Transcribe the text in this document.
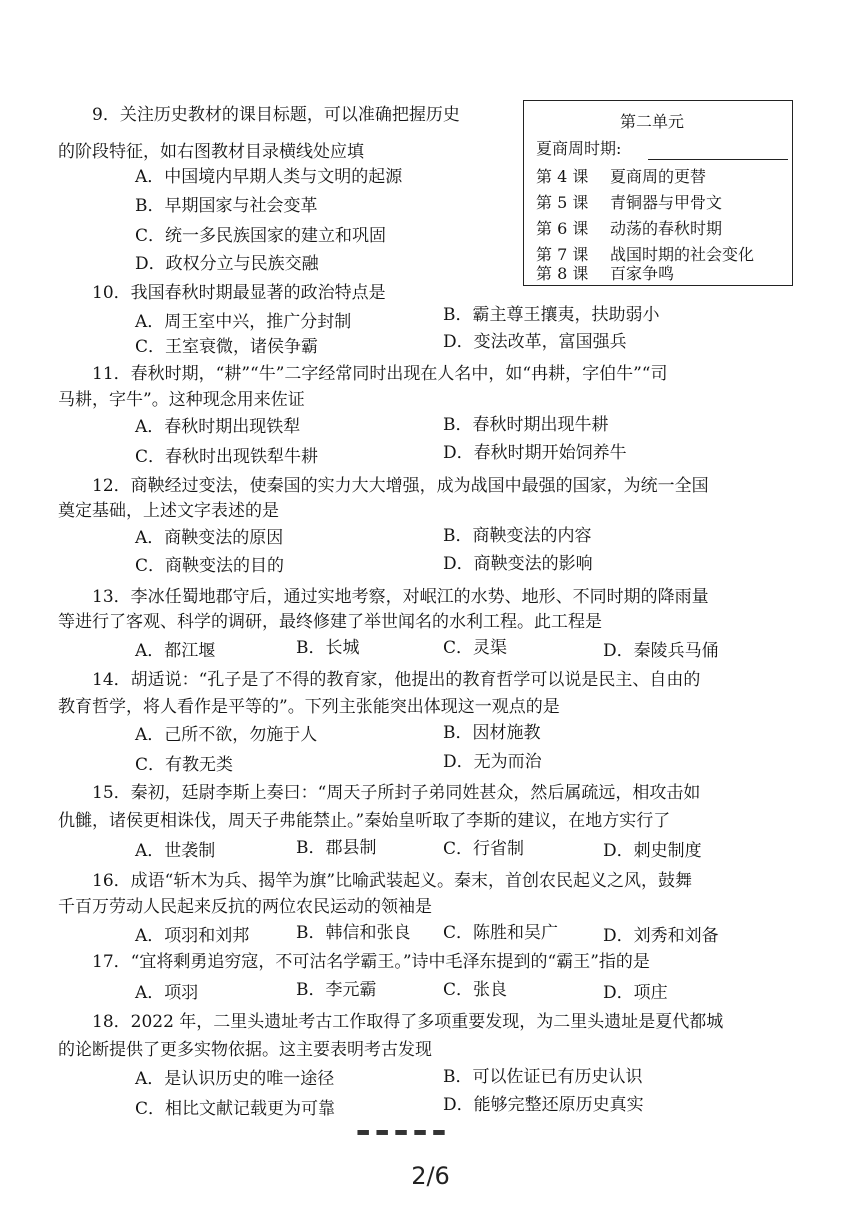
9．关注历史教材的课目标题，可以准确把握历史
的阶段特征，如右图教材目录横线处应填
A．中国境内早期人类与文明的起源
B．早期国家与社会变革
C．统一多民族国家的建立和巩固
D．政权分立与民族交融
第二单元
夏商周时期:
第 4 课 夏商周的更替
第 5 课 青铜器与甲骨文
第 6 课 动荡的春秋时期
第 7 课 战国时期的社会变化
第 8 课 百家争鸣
10．我国春秋时期最显著的政治特点是
A．周王室中兴，推广分封制	B．霸主尊王攘夷，扶助弱小
C．王室衰微，诸侯争霸	D．变法改革，富国强兵
11．春秋时期，“耕”“牛”二字经常同时出现在人名中，如“冉耕，字伯牛”“司
马耕，字牛”。这种现念用来佐证
A．春秋时期出现铁犁	B．春秋时期出现牛耕
C．春秋时出现铁犁牛耕	D．春秋时期开始饲养牛
12．商鞅经过变法，使秦国的实力大大增强，成为战国中最强的国家，为统一全国
奠定基础，上述文字表述的是
A．商鞅变法的原因	B．商鞅变法的内容
C．商鞅变法的目的	D．商鞅变法的影响
13．李冰任蜀地郡守后，通过实地考察，对岷江的水势、地形、不同时期的降雨量
等进行了客观、科学的调研，最终修建了举世闻名的水利工程。此工程是
A．都江堰	B．长城	C．灵渠	D．秦陵兵马俑
14．胡适说：“孔子是了不得的教育家，他提出的教育哲学可以说是民主、自由的
教育哲学，将人看作是平等的”。下列主张能突出体现这一观点的是
A．己所不欲，勿施于人	B．因材施教
C．有教无类	D．无为而治
15．秦初，廷尉李斯上奏曰：“周天子所封子弟同姓甚众，然后属疏远，相攻击如
仇雠，诸侯更相诛伐，周天子弗能禁止。”秦始皇听取了李斯的建议，在地方实行了
A．世袭制	B．郡县制	C．行省制	D．刺史制度
16．成语“斩木为兵、揭竿为旗”比喻武装起义。秦末，首创农民起义之风，鼓舞
千百万劳动人民起来反抗的两位农民运动的领袖是
A．项羽和刘邦	B．韩信和张良 C．陈胜和吴广	D．刘秀和刘备
17．“宜将剩勇追穷寇，不可沽名学霸王。”诗中毛泽东提到的“霸王”指的是
A．项羽	B．李元霸	C．张良	D．项庄
18．2022 年，二里头遗址考古工作取得了多项重要发现，为二里头遗址是夏代都城
的论断提供了更多实物依据。这主要表明考古发现
A．是认识历史的唯一途径	B．可以佐证已有历史认识
C．相比文献记载更为可靠	D．能够完整还原历史真实
▬ ▬ ▬ ▬ ▬
2/6
